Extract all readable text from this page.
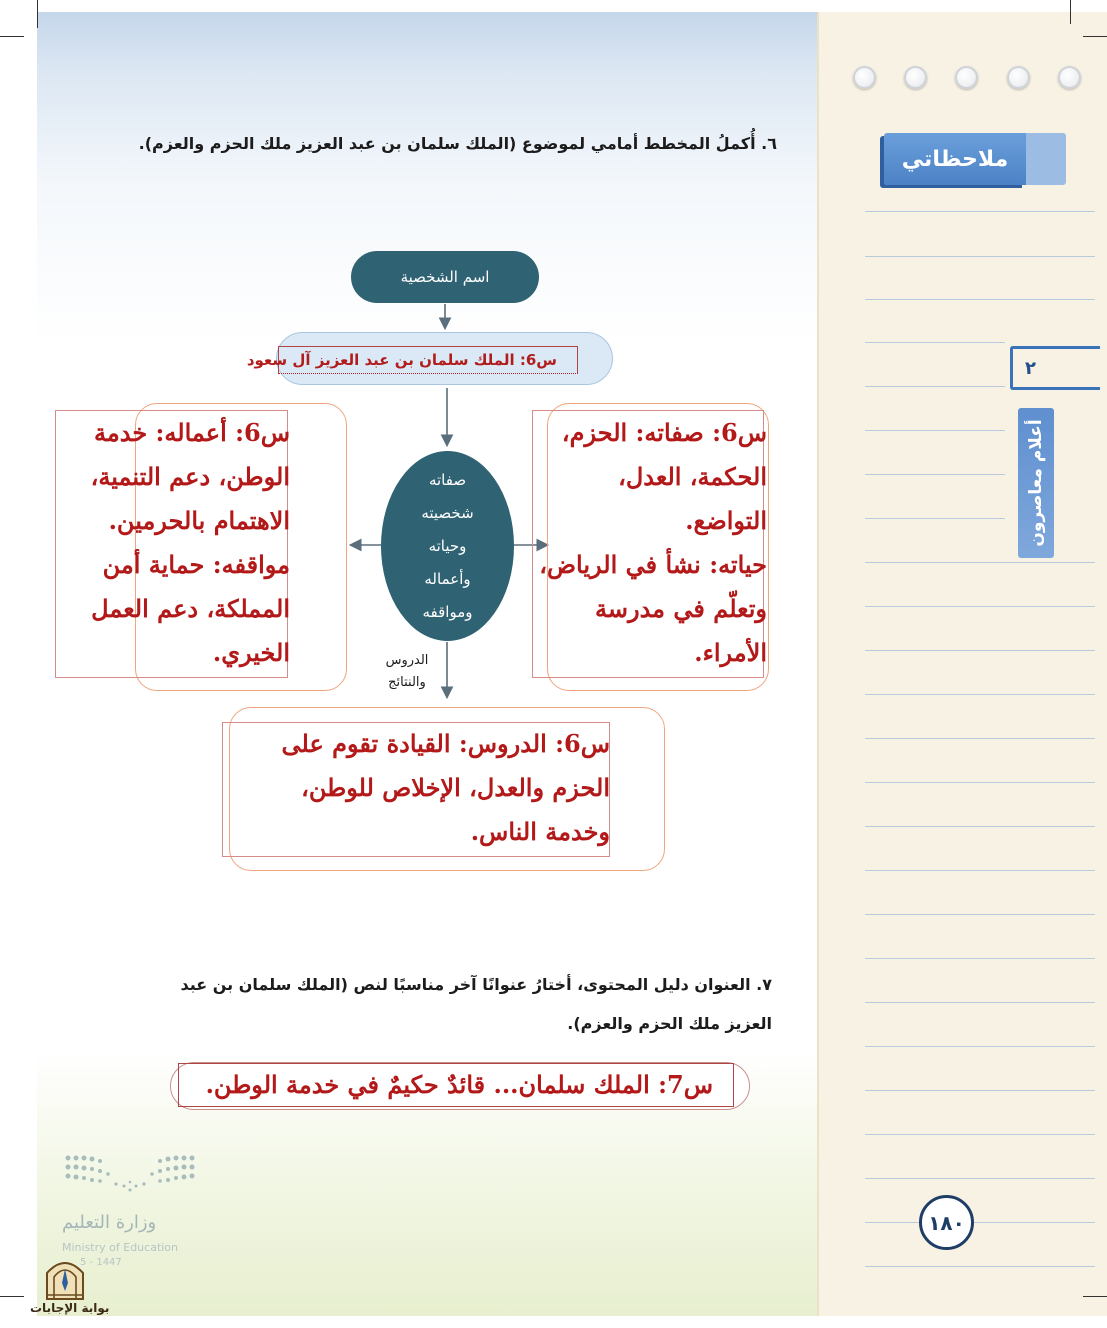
ملاحظاتي
٢
أعلام معاصرون
١٨٠
٦. أُكملُ المخطط أمامي لموضوع (الملك سلمان بن عبد العزيز ملك الحزم والعزم).
اسم الشخصية
س6: الملك سلمان بن عبد العزيز آل سعود
صفاته
شخصيته
وحياته
وأعماله
ومواقفه
س6: صفاته: الحزم،
الحكمة، العدل،
التواضع.
حياته: نشأ في الرياض،
وتعلّم في مدرسة
الأمراء.
س6: أعماله: خدمة
الوطن، دعم التنمية،
الاهتمام بالحرمين.
مواقفه: حماية أمن
المملكة، دعم العمل
الخيري.	الدروس
والنتائج
س6: الدروس: القيادة تقوم على
الحزم والعدل، الإخلاص للوطن،
وخدمة الناس.
٧. العنوان دليل المحتوى، أختارُ عنوانًا آخر مناسبًا لنص (الملك سلمان بن عبد
العزيز ملك الحزم والعزم).
س7: الملك سلمان... قائدٌ حكيمٌ في خدمة الوطن.
وزارة التعليم
Ministry of Education
5 - 1447
بوابة الإجابات
